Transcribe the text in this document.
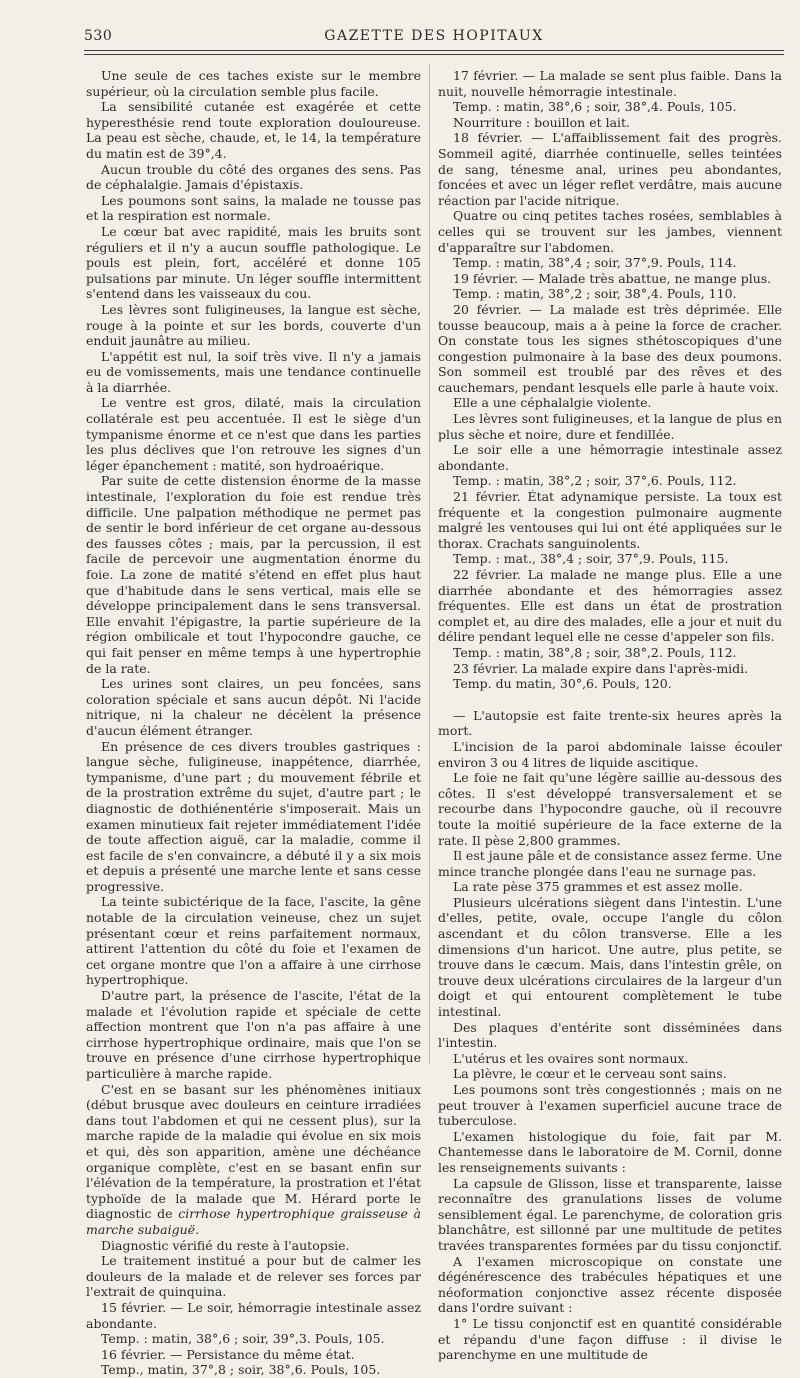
530	GAZETTE DES HOPITAUX

Une seule de ces taches existe sur le membre supérieur, où la circulation semble plus facile.

La sensibilité cutanée est exagérée et cette hyperesthésie rend toute exploration douloureuse. La peau est sèche, chaude, et, le 14, la température du matin est de 39°,4.

Aucun trouble du côté des organes des sens. Pas de céphalalgie. Jamais d'épistaxis.

Les poumons sont sains, la malade ne tousse pas et la respiration est normale.

Le cœur bat avec rapidité, mais les bruits sont réguliers et il n'y a aucun souffle pathologique. Le pouls est plein, fort, accéléré et donne 105 pulsations par minute. Un léger souffle intermittent s'entend dans les vaisseaux du cou.

Les lèvres sont fuligineuses, la langue est sèche, rouge à la pointe et sur les bords, couverte d'un enduit jaunâtre au milieu.

L'appétit est nul, la soif très vive. Il n'y a jamais eu de vomissements, mais une tendance continuelle à la diarrhée.

Le ventre est gros, dilaté, mais la circulation collatérale est peu accentuée. Il est le siège d'un tympanisme énorme et ce n'est que dans les parties les plus déclives que l'on retrouve les signes d'un léger épanchement : matité, son hydroaérique.

Par suite de cette distension énorme de la masse intestinale, l'exploration du foie est rendue très difficile. Une palpation méthodique ne permet pas de sentir le bord inférieur de cet organe au-dessous des fausses côtes ; mais, par la percussion, il est facile de percevoir une augmentation énorme du foie. La zone de matité s'étend en effet plus haut que d'habitude dans le sens vertical, mais elle se développe principalement dans le sens transversal. Elle envahit l'épigastre, la partie supérieure de la région ombilicale et tout l'hypocondre gauche, ce qui fait penser en même temps à une hypertrophie de la rate.

Les urines sont claires, un peu foncées, sans coloration spéciale et sans aucun dépôt. Ni l'acide nitrique, ni la chaleur ne décèlent la présence d'aucun élément étranger.

En présence de ces divers troubles gastriques : langue sèche, fuligineuse, inappétence, diarrhée, tympanisme, d'une part ; du mouvement fébrile et de la prostration extrême du sujet, d'autre part ; le diagnostic de dothiénentérie s'imposerait. Mais un examen minutieux fait rejeter immédiatement l'idée de toute affection aiguë, car la maladie, comme il est facile de s'en convaincre, a débuté il y a six mois et depuis a présenté une marche lente et sans cesse progressive.

La teinte subictérique de la face, l'ascite, la gêne notable de la circulation veineuse, chez un sujet présentant cœur et reins parfaitement normaux, attirent l'attention du côté du foie et l'examen de cet organe montre que l'on a affaire à une cirrhose hypertrophique.

D'autre part, la présence de l'ascite, l'état de la malade et l'évolution rapide et spéciale de cette affection montrent que l'on n'a pas affaire à une cirrhose hypertrophique ordinaire, mais que l'on se trouve en présence d'une cirrhose hypertrophique particulière à marche rapide.

C'est en se basant sur les phénomènes initiaux (début brusque avec douleurs en ceinture irradiées dans tout l'abdomen et qui ne cessent plus), sur la marche rapide de la maladie qui évolue en six mois et qui, dès son apparition, amène une déchéance organique complète, c'est en se basant enfin sur l'élévation de la température, la prostration et l'état typhoïde de la malade que M. Hérard porte le diagnostic de cirrhose hypertrophique graisseuse à marche subaiguë.

Diagnostic vérifié du reste à l'autopsie.

Le traitement institué a pour but de calmer les douleurs de la malade et de relever ses forces par l'extrait de quinquina.

15 février. — Le soir, hémorragie intestinale assez abondante.

Temp. : matin, 38°,6 ; soir, 39°,3. Pouls, 105.

16 février. — Persistance du même état.

Temp., matin, 37°,8 ; soir, 38°,6. Pouls, 105.

17 février. — La malade se sent plus faible. Dans la nuit, nouvelle hémorragie intestinale.

Temp. : matin, 38°,6 ; soir, 38°,4. Pouls, 105.

Nourriture : bouillon et lait.

18 février. — L'affaiblissement fait des progrès. Sommeil agité, diarrhée continuelle, selles teintées de sang, ténesme anal, urines peu abondantes, foncées et avec un léger reflet verdâtre, mais aucune réaction par l'acide nitrique.

Quatre ou cinq petites taches rosées, semblables à celles qui se trouvent sur les jambes, viennent d'apparaître sur l'abdomen.

Temp. : matin, 38°,4 ; soir, 37°,9. Pouls, 114.

19 février. — Malade très abattue, ne mange plus.

Temp. : matin, 38°,2 ; soir, 38°,4. Pouls, 110.

20 février. — La malade est très déprimée. Elle tousse beaucoup, mais a à peine la force de cracher. On constate tous les signes sthétoscopiques d'une congestion pulmonaire à la base des deux poumons. Son sommeil est troublé par des rêves et des cauchemars, pendant lesquels elle parle à haute voix.

Elle a une céphalalgie violente.

Les lèvres sont fuligineuses, et la langue de plus en plus sèche et noire, dure et fendillée.

Le soir elle a une hémorragie intestinale assez abondante.

Temp. : matin, 38°,2 ; soir, 37°,6. Pouls, 112.

21 février. État adynamique persiste. La toux est fréquente et la congestion pulmonaire augmente malgré les ventouses qui lui ont été appliquées sur le thorax. Crachats sanguinolents.

Temp. : mat., 38°,4 ; soir, 37°,9. Pouls, 115.

22 février. La malade ne mange plus. Elle a une diarrhée abondante et des hémorragies assez fréquentes. Elle est dans un état de prostration complet et, au dire des malades, elle a jour et nuit du délire pendant lequel elle ne cesse d'appeler son fils.

Temp. : matin, 38°,8 ; soir, 38°,2. Pouls, 112.

23 février. La malade expire dans l'après-midi.

Temp. du matin, 30°,6. Pouls, 120.

— L'autopsie est faite trente-six heures après la mort.

L'incision de la paroi abdominale laisse écouler environ 3 ou 4 litres de liquide ascitique.

Le foie ne fait qu'une légère saillie au-dessous des côtes. Il s'est développé transversalement et se recourbe dans l'hypocondre gauche, où il recouvre toute la moitié supérieure de la face externe de la rate. Il pèse 2,800 grammes.

Il est jaune pâle et de consistance assez ferme. Une mince tranche plongée dans l'eau ne surnage pas.

La rate pèse 375 grammes et est assez molle.

Plusieurs ulcérations siègent dans l'intestin. L'une d'elles, petite, ovale, occupe l'angle du côlon ascendant et du côlon transverse. Elle a les dimensions d'un haricot. Une autre, plus petite, se trouve dans le cæcum. Mais, dans l'intestin grêle, on trouve deux ulcérations circulaires de la largeur d'un doigt et qui entourent complètement le tube intestinal.

Des plaques d'entérite sont disséminées dans l'intestin.

L'utérus et les ovaires sont normaux.

La plèvre, le cœur et le cerveau sont sains.

Les poumons sont très congestionnés ; mais on ne peut trouver à l'examen superficiel aucune trace de tuberculose.

L'examen histologique du foie, fait par M. Chantemesse dans le laboratoire de M. Cornil, donne les renseignements suivants :

La capsule de Glisson, lisse et transparente, laisse reconnaître des granulations lisses de volume sensiblement égal. Le parenchyme, de coloration gris blanchâtre, est sillonné par une multitude de petites travées transparentes formées par du tissu conjonctif.

A l'examen microscopique on constate une dégénérescence des trabécules hépatiques et une néoformation conjonctive assez récente disposée dans l'ordre suivant :

1° Le tissu conjonctif est en quantité considérable et répandu d'une façon diffuse : il divise le parenchyme en une multitude de
